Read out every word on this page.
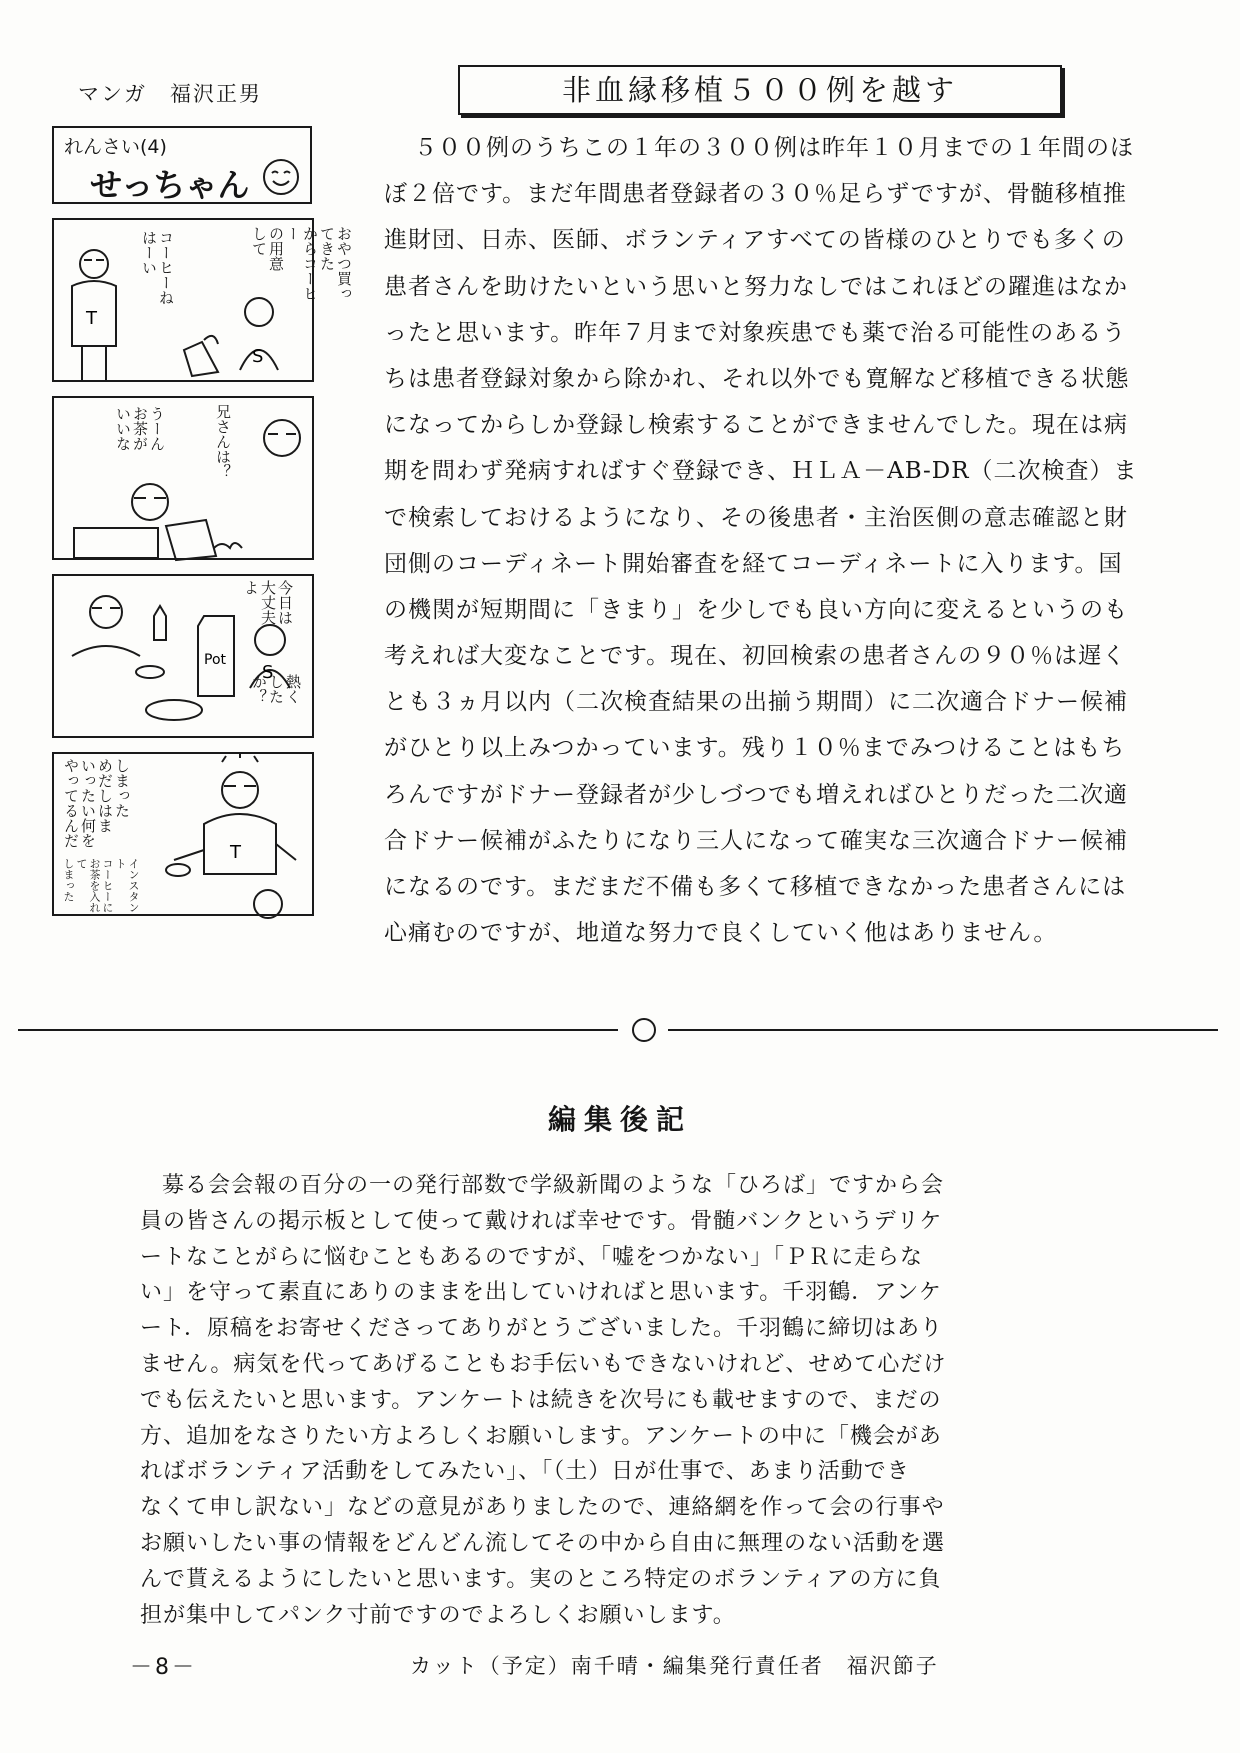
マンガ　福沢正男
れんさい(4)
せっちゃん
T
S
おやつ買ってきた からコーヒー の用意 して
コーヒーね はーい
兄さんは？
うーん お茶が いいな
Pot
S
今日は 大丈夫 よ
熱く した か？
T
しまった めだしはま いったい何を やってるんだ
インスタント コーヒーに お茶を入れて しまった
非血縁移植５００例を越す
５００例のうちこの１年の３００例は昨年１０月までの１年間のほ
ぼ２倍です。まだ年間患者登録者の３０％足らずですが、骨髄移植推
進財団、日赤、医師、ボランティアすべての皆様のひとりでも多くの
患者さんを助けたいという思いと努力なしではこれほどの躍進はなか
ったと思います。昨年７月まで対象疾患でも薬で治る可能性のあるう
ちは患者登録対象から除かれ、それ以外でも寛解など移植できる状態
になってからしか登録し検索することができませんでした。現在は病
期を問わず発病すればすぐ登録でき、ＨＬＡ－AB-DR（二次検査）ま
で検索しておけるようになり、その後患者・主治医側の意志確認と財
団側のコーディネート開始審査を経てコーディネートに入ります。国
の機関が短期間に「きまり」を少しでも良い方向に変えるというのも
考えれば大変なことです。現在、初回検索の患者さんの９０％は遅く
とも３ヵ月以内（二次検査結果の出揃う期間）に二次適合ドナー候補
がひとり以上みつかっています。残り１０％までみつけることはもち
ろんですがドナー登録者が少しづつでも増えればひとりだった二次適
合ドナー候補がふたりになり三人になって確実な三次適合ドナー候補
になるのです。まだまだ不備も多くて移植できなかった患者さんには
心痛むのですが、地道な努力で良くしていく他はありません。
編集後記
募る会会報の百分の一の発行部数で学級新聞のような「ひろば」ですから会
員の皆さんの掲示板として使って戴ければ幸せです。骨髄バンクというデリケ
ートなことがらに悩むこともあるのですが、「嘘をつかない」「ＰＲに走らな
い」を守って素直にありのままを出していければと思います。千羽鶴．アンケ
ート．原稿をお寄せくださってありがとうございました。千羽鶴に締切はあり
ません。病気を代ってあげることもお手伝いもできないけれど、せめて心だけ
でも伝えたいと思います。アンケートは続きを次号にも載せますので、まだの
方、追加をなさりたい方よろしくお願いします。アンケートの中に「機会があ
ればボランティア活動をしてみたい」、「（土）日が仕事で、あまり活動でき
なくて申し訳ない」などの意見がありましたので、連絡網を作って会の行事や
お願いしたい事の情報をどんどん流してその中から自由に無理のない活動を選
んで貰えるようにしたいと思います。実のところ特定のボランティアの方に負
担が集中してパンク寸前ですのでよろしくお願いします。
－8－	カット（予定）南千晴・編集発行責任者　福沢節子
